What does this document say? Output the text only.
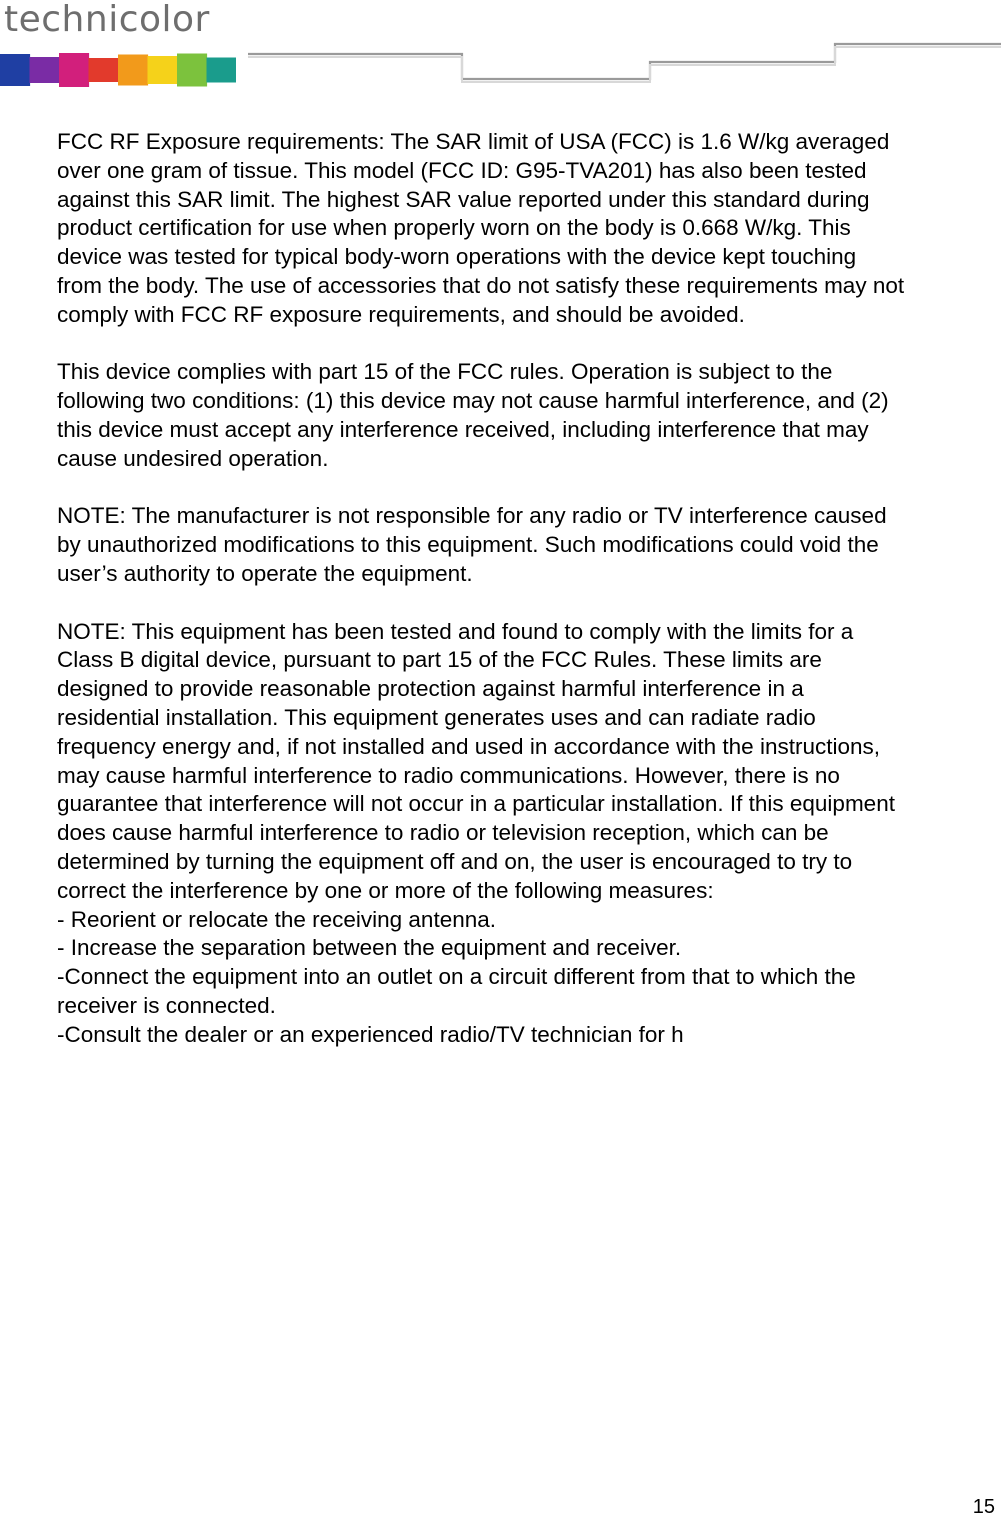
technicolor
FCC RF Exposure requirements: The SAR limit of USA (FCC) is 1.6 W/kg averaged
over one gram of tissue. This model (FCC ID: G95-TVA201) has also been tested
against this SAR limit. The highest SAR value reported under this standard during
product certification for use when properly worn on the body is 0.668 W/kg. This
device was tested for typical body-worn operations with the device kept touching
from the body. The use of accessories that do not satisfy these requirements may not
comply with FCC RF exposure requirements, and should be avoided.
This device complies with part 15 of the FCC rules. Operation is subject to the
following two conditions: (1) this device may not cause harmful interference, and (2)
this device must accept any interference received, including interference that may
cause undesired operation.
NOTE: The manufacturer is not responsible for any radio or TV interference caused
by unauthorized modifications to this equipment. Such modifications could void the
user’s authority to operate the equipment.
NOTE: This equipment has been tested and found to comply with the limits for a
Class B digital device, pursuant to part 15 of the FCC Rules. These limits are
designed to provide reasonable protection against harmful interference in a
residential installation. This equipment generates uses and can radiate radio
frequency energy and, if not installed and used in accordance with the instructions,
may cause harmful interference to radio communications. However, there is no
guarantee that interference will not occur in a particular installation. If this equipment
does cause harmful interference to radio or television reception, which can be
determined by turning the equipment off and on, the user is encouraged to try to
correct the interference by one or more of the following measures:
- Reorient or relocate the receiving antenna.
- Increase the separation between the equipment and receiver.
-Connect the equipment into an outlet on a circuit different from that to which the
receiver is connected.
-Consult the dealer or an experienced radio/TV technician for h
15
